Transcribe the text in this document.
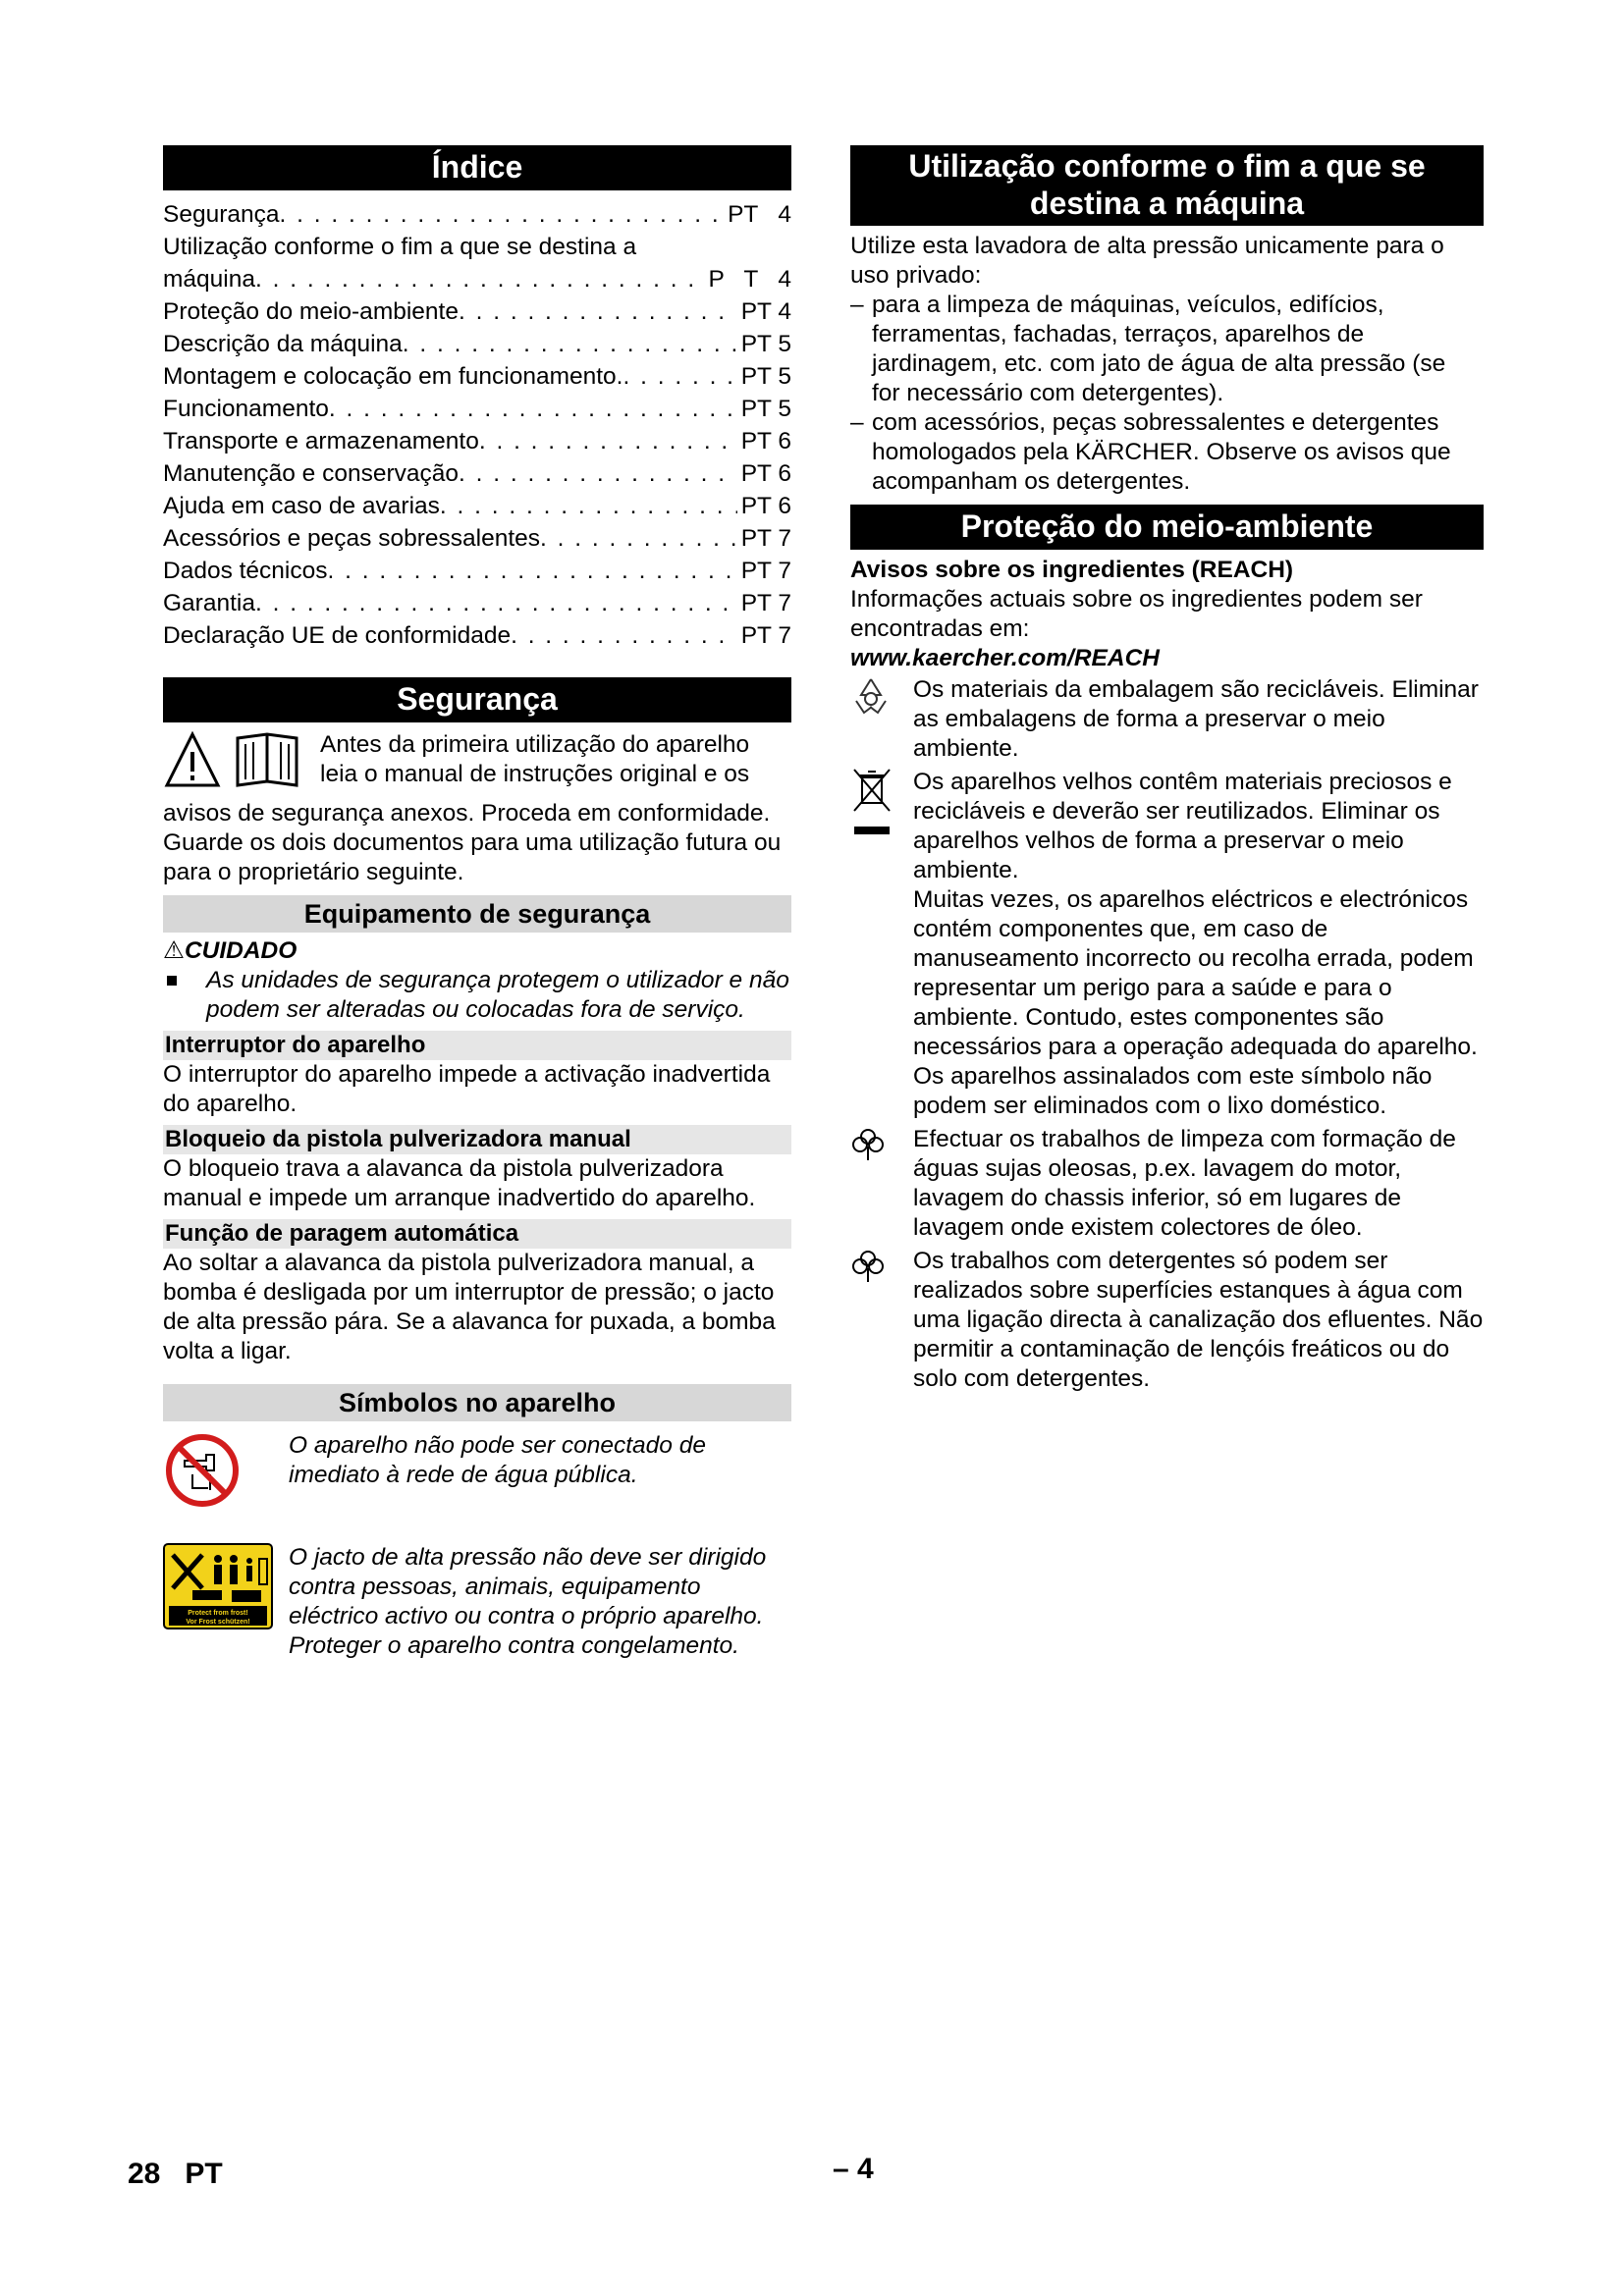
Índice
Segurança . . .	PT   4
Utilização conforme o fim a que se destina a
máquina . . .	P   T   4
Proteção do meio-ambiente . . .	PT 4
Descrição da máquina . . .	PT 5
Montagem e colocação em funcionamento. . . .	PT 5
Funcionamento . . .	PT 5
Transporte e armazenamento . . .	PT 6
Manutenção e conservação . . .	PT 6
Ajuda em caso de avarias . . .	PT 6
Acessórios e peças sobressalentes . . .	PT 7
Dados técnicos . . .	PT 7
Garantia . . .	PT 7
Declaração UE de conformidade . . .	PT 7
Segurança

Antes da primeira utilização do aparelho leia o manual de instruções original e os

avisos de segurança anexos. Proceda em conformidade. Guarde os dois documentos para uma utilização futura ou para o proprietário seguinte.

Equipamento de segurança

⚠CUIDADO

As unidades de segurança protegem o utilizador e não podem ser alteradas ou colocadas fora de serviço.

Interruptor do aparelho

O interruptor do aparelho impede a activação inadvertida do aparelho.

Bloqueio da pistola pulverizadora manual

O bloqueio trava a alavanca da pistola pulverizadora manual e impede um arranque inadvertido do aparelho.

Função de paragem automática

Ao soltar a alavanca da pistola pulverizadora manual, a bomba é desligada por um interruptor de pressão; o jacto de alta pressão pára. Se a alavanca for puxada, a bomba volta a ligar.

Símbolos no aparelho

O aparelho não pode ser conectado de imediato à rede de água pública.

Protect from frost!
Vor Frost schützen!

O jacto de alta pressão não deve ser dirigido contra pessoas, animais, equipamento eléctrico activo ou contra o próprio aparelho. Proteger o aparelho contra congelamento.

Utilização conforme o fim a que se destina a máquina

Utilize esta lavadora de alta pressão unicamente para o uso privado:

– para a limpeza de máquinas, veículos, edifícios, ferramentas, fachadas, terraços, aparelhos de jardinagem, etc. com jato de água de alta pressão (se for necessário com detergentes).

– com acessórios, peças sobressalentes e detergentes homologados pela KÄRCHER. Observe os avisos que acompanham os detergentes.

Proteção do meio-ambiente

Avisos sobre os ingredientes (REACH)

Informações actuais sobre os ingredientes podem ser encontradas em:

www.kaercher.com/REACH

Os materiais da embalagem são recicláveis. Eliminar as embalagens de forma a preservar o meio ambiente.

Os aparelhos velhos contêm materiais preciosos e recicláveis e deverão ser reutilizados. Eliminar os aparelhos velhos de forma a preservar o meio ambiente.

Muitas vezes, os aparelhos eléctricos e electrónicos contém componentes que, em caso de manuseamento incorrecto ou recolha errada, podem representar um perigo para a saúde e para o ambiente. Contudo, estes componentes são necessários para a operação adequada do aparelho. Os aparelhos assinalados com este símbolo não podem ser eliminados com o lixo doméstico.

Efectuar os trabalhos de limpeza com formação de águas sujas oleosas, p.ex. lavagem do motor, lavagem do chassis inferior, só em lugares de lavagem onde existem colectores de óleo.

Os trabalhos com detergentes só podem ser realizados sobre superfícies estanques à água com uma ligação directa à canalização dos efluentes. Não permitir a contaminação de lençóis freáticos ou do solo com detergentes.

28 PT	– 4
